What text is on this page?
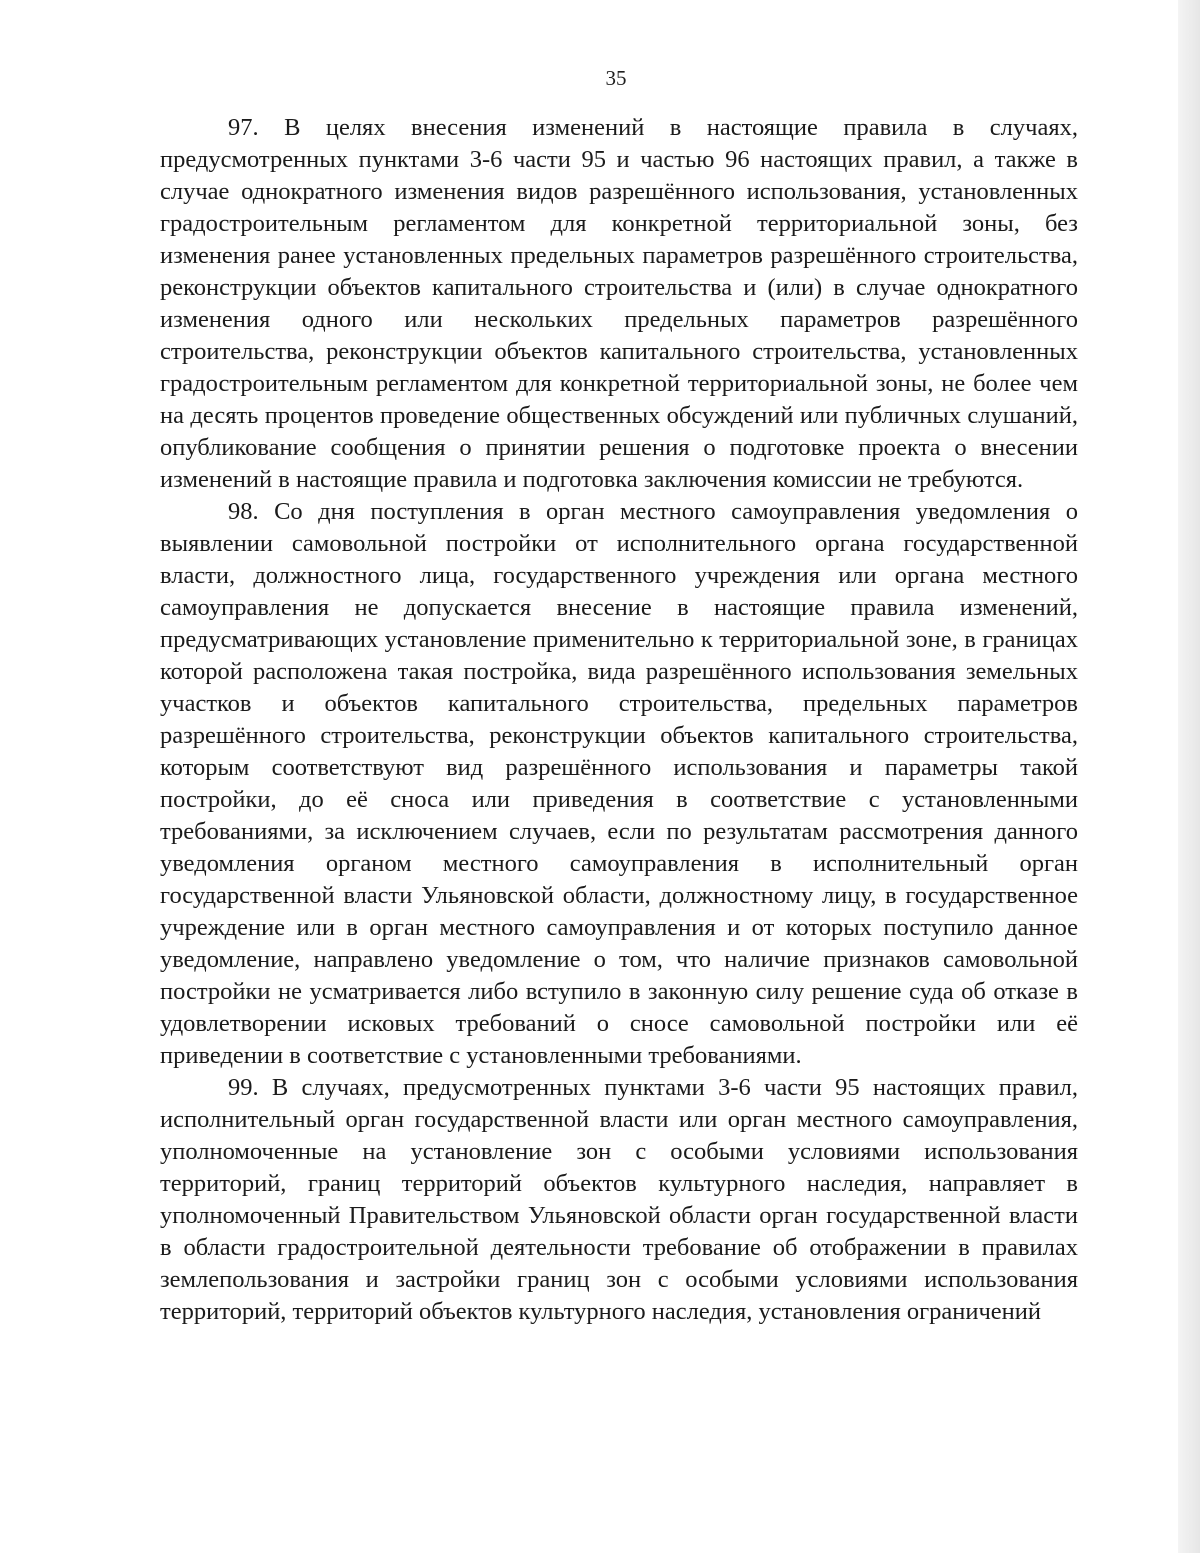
35

97. В целях внесения изменений в настоящие правила в случаях, предусмотренных пунктами 3-6 части 95 и частью 96 настоящих правил, а также в случае однократного изменения видов разрешённого использования, установленных градостроительным регламентом для конкретной территориальной зоны, без изменения ранее установленных предельных параметров разрешённого строительства, реконструкции объектов капитального строительства и (или) в случае однократного изменения одного или нескольких предельных параметров разрешённого строительства, реконструкции объектов капитального строительства, установленных градостроительным регламентом для конкретной территориальной зоны, не более чем на десять процентов проведение общественных обсуждений или публичных слушаний, опубликование сообщения о принятии решения о подготовке проекта о внесении изменений в настоящие правила и подготовка заключения комиссии не требуются.

98. Со дня поступления в орган местного самоуправления уведомления о выявлении самовольной постройки от исполнительного органа государственной власти, должностного лица, государственного учреждения или органа местного самоуправления не допускается внесение в настоящие правила изменений, предусматривающих установление применительно к территориальной зоне, в границах которой расположена такая постройка, вида разрешённого использования земельных участков и объектов капитального строительства, предельных параметров разрешённого строительства, реконструкции объектов капитального строительства, которым соответствуют вид разрешённого использования и параметры такой постройки, до её сноса или приведения в соответствие с установленными требованиями, за исключением случаев, если по результатам рассмотрения данного уведомления органом местного самоуправления в исполнительный орган государственной власти Ульяновской области, должностному лицу, в государственное учреждение или в орган местного самоуправления и от которых поступило данное уведомление, направлено уведомление о том, что наличие признаков самовольной постройки не усматривается либо вступило в законную силу решение суда об отказе в удовлетворении исковых требований о сносе самовольной постройки или её приведении в соответствие с установленными требованиями.

99. В случаях, предусмотренных пунктами 3-6 части 95 настоящих правил, исполнительный орган государственной власти или орган местного самоуправления, уполномоченные на установление зон с особыми условиями использования территорий, границ территорий объектов культурного наследия, направляет в уполномоченный Правительством Ульяновской области орган государственной власти в области градостроительной деятельности требование об отображении в правилах землепользования и застройки границ зон с особыми условиями использования территорий, территорий объектов культурного наследия, установления ограничений
